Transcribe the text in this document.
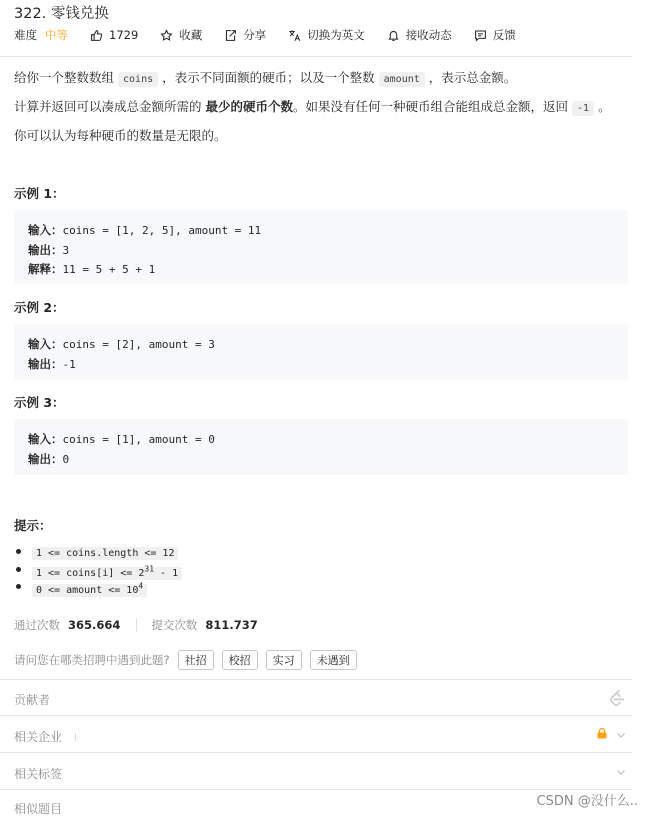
322. 零钱兑换
难度 中等	1729	收藏	分享	切换为英文	接收动态	反馈
给你一个整数数组 coins ，表示不同面额的硬币；以及一个整数 amount ，表示总金额。
计算并返回可以凑成总金额所需的 最少的硬币个数。如果没有任何一种硬币组合能组成总金额，返回 -1 。
你可以认为每种硬币的数量是无限的。
示例 1：
输入：coins = [1, 2, 5], amount = 11
输出：3
解释：11 = 5 + 5 + 1
示例 2：
输入：coins = [2], amount = 3
输出：-1
示例 3：
输入：coins = [1], amount = 0
输出：0
提示：
1 <= coins.length <= 12
1 <= coins[i] <= $2^{31} - 1$
0 <= amount <= $10^4$
通过次数 365.664	提交次数 811.737
请问您在哪类招聘中遇到此题?	社招	校招	实习	未遇到
贡献者
相关企业
相关标签
相似题目	CSDN @没什么..
